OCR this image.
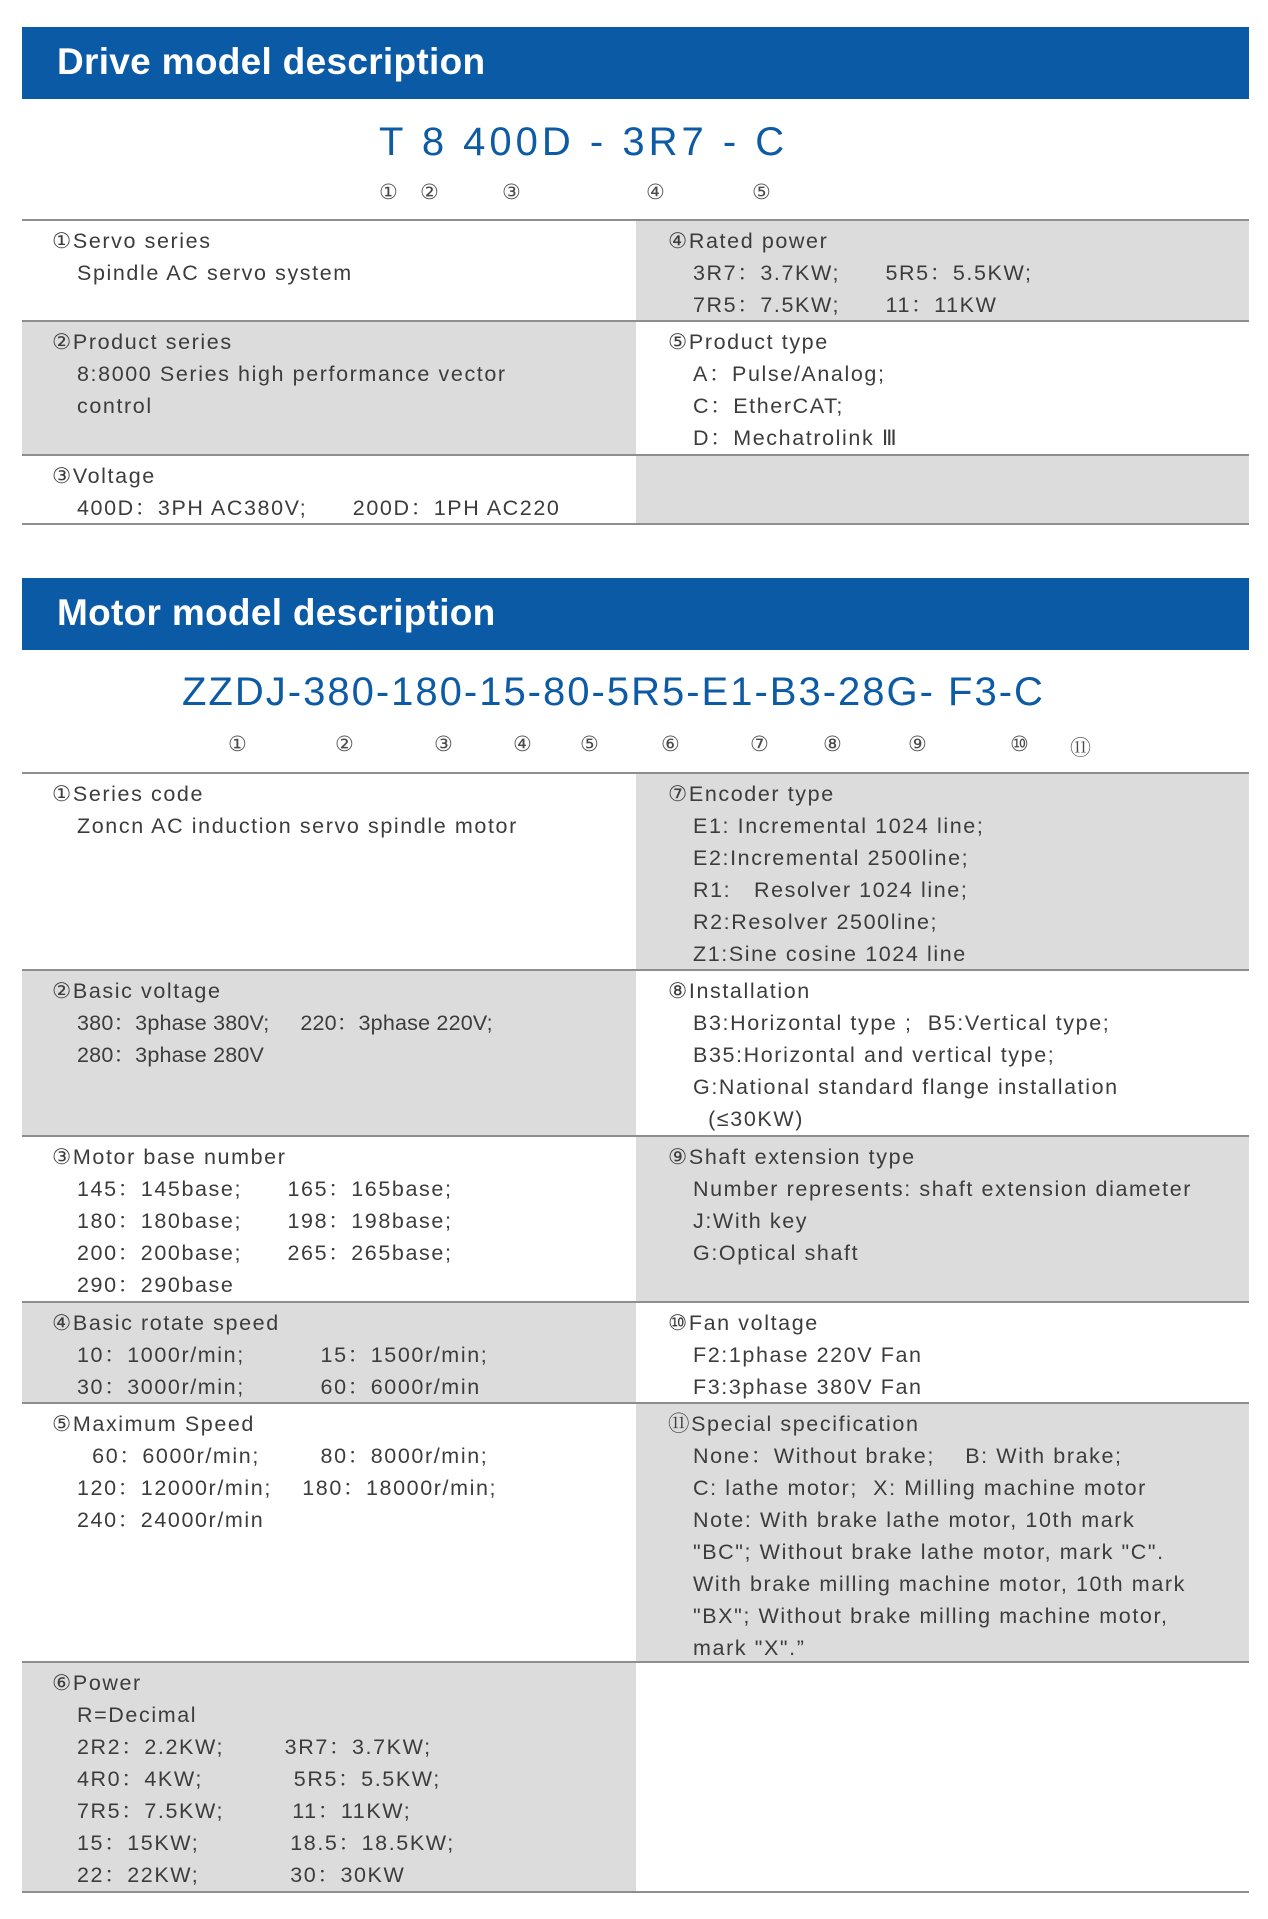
Drive model description
T 8 400D - 3R7 - C
① ②	③	④	⑤
①Servo series
Spindle AC servo system
④Rated power
3R7：3.7KW;      5R5：5.5KW;
7R5：7.5KW;      11：11KW
②Product series
8:8000 Series high performance vector
control
⑤Product type
A：Pulse/Analog;
C：EtherCAT;
D：Mechatrolink Ⅲ
③Voltage
400D：3PH AC380V;      200D：1PH AC220
Motor model description
ZZDJ-380-180-15-80-5R5-E1-B3-28G- F3-C
①	②	③	④ ⑤	⑥	⑦	⑧	⑨	⑩ ⑪
①Series code
Zoncn AC induction servo spindle motor
⑦Encoder type
E1: Incremental 1024 line;
E2:Incremental 2500line;
R1:   Resolver 1024 line;
R2:Resolver 2500line;
Z1:Sine cosine 1024 line
②Basic voltage
380：3phase 380V;     220：3phase 220V;
280：3phase 280V
⑧Installation
B3:Horizontal type ;  B5:Vertical type;
B35:Horizontal and vertical type;
G:National standard flange installation
(≤30KW)
③Motor base number
145：145base;      165：165base;
180：180base;      198：198base;
200：200base;      265：265base;
290：290base
⑨Shaft extension type
Number represents: shaft extension diameter
J:With key
G:Optical shaft
④Basic rotate speed
10：1000r/min;          15：1500r/min;
30：3000r/min;          60：6000r/min
⑩Fan voltage
F2:1phase 220V Fan
F3:3phase 380V Fan
⑤Maximum Speed
60：6000r/min;        80：8000r/min;
120：12000r/min;    180：18000r/min;
240：24000r/min
⑪Special specification
None：Without brake;    B: With brake;
C: lathe motor;  X: Milling machine motor
Note: With brake lathe motor, 10th mark
"BC"; Without brake lathe motor, mark "C".
With brake milling machine motor, 10th mark
"BX"; Without brake milling machine motor,
mark "X".”
⑥Power
R=Decimal
2R2：2.2KW;        3R7：3.7KW;
4R0：4KW;            5R5：5.5KW;
7R5：7.5KW;         11：11KW;
15：15KW;            18.5：18.5KW;
22：22KW;            30：30KW
